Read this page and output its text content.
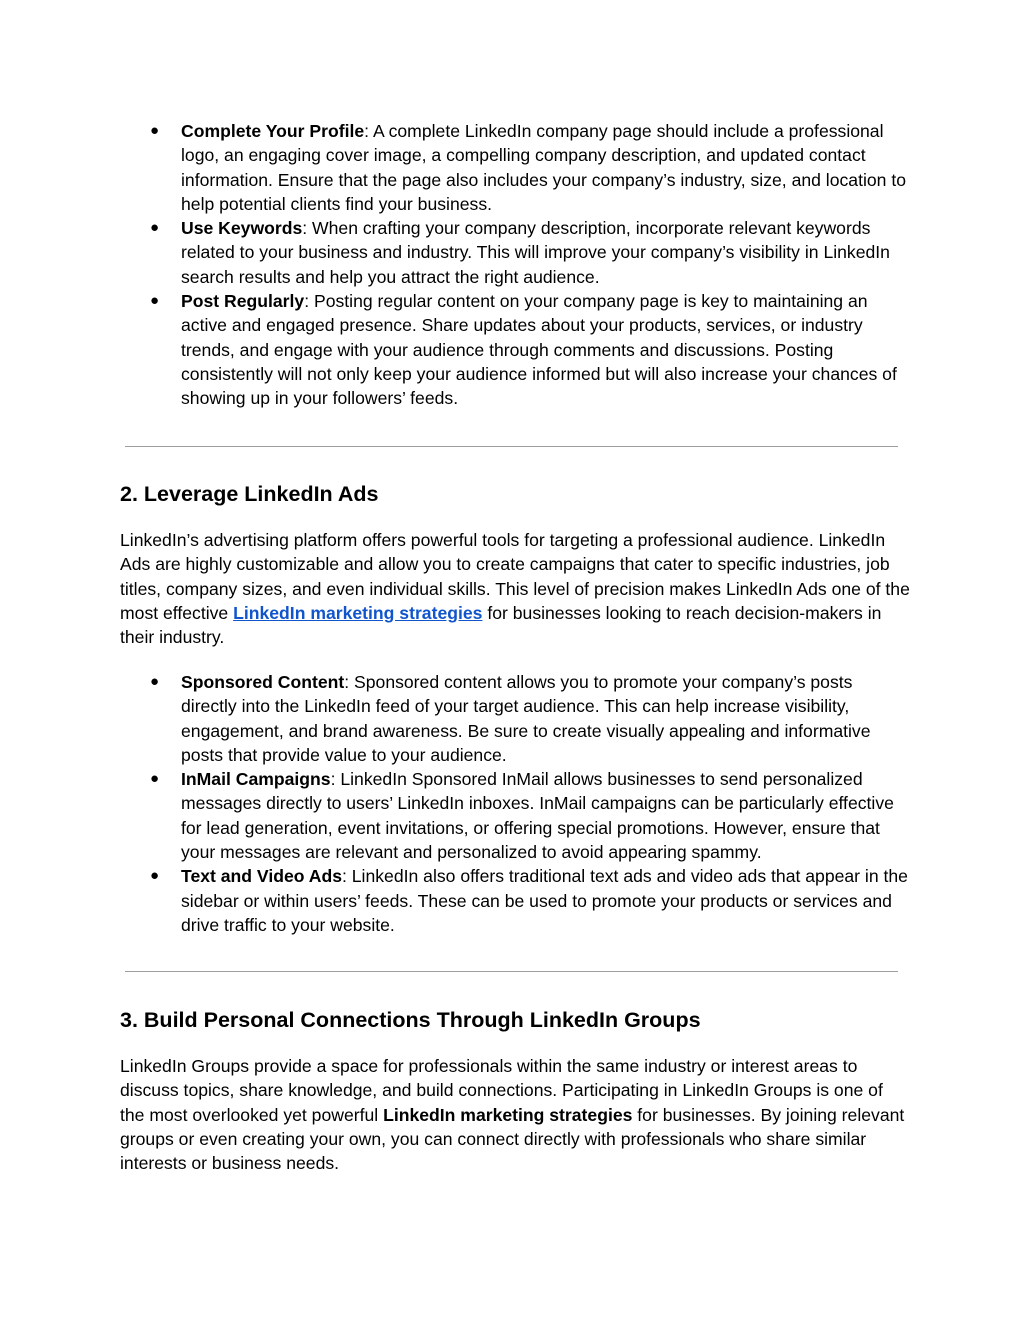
● Complete Your Profile: A complete LinkedIn company page should include a professional logo, an engaging cover image, a compelling company description, and updated contact information. Ensure that the page also includes your company’s industry, size, and location to help potential clients find your business.
● Use Keywords: When crafting your company description, incorporate relevant keywords related to your business and industry. This will improve your company’s visibility in LinkedIn search results and help you attract the right audience.
● Post Regularly: Posting regular content on your company page is key to maintaining an active and engaged presence. Share updates about your products, services, or industry trends, and engage with your audience through comments and discussions. Posting consistently will not only keep your audience informed but will also increase your chances of showing up in your followers’ feeds.
2. Leverage LinkedIn Ads

LinkedIn’s advertising platform offers powerful tools for targeting a professional audience. LinkedIn Ads are highly customizable and allow you to create campaigns that cater to specific industries, job titles, company sizes, and even individual skills. This level of precision makes LinkedIn Ads one of the most effective LinkedIn marketing strategies for businesses looking to reach decision-makers in their industry.

● Sponsored Content: Sponsored content allows you to promote your company’s posts directly into the LinkedIn feed of your target audience. This can help increase visibility, engagement, and brand awareness. Be sure to create visually appealing and informative posts that provide value to your audience.
● InMail Campaigns: LinkedIn Sponsored InMail allows businesses to send personalized messages directly to users’ LinkedIn inboxes. InMail campaigns can be particularly effective for lead generation, event invitations, or offering special promotions. However, ensure that your messages are relevant and personalized to avoid appearing spammy.
● Text and Video Ads: LinkedIn also offers traditional text ads and video ads that appear in the sidebar or within users’ feeds. These can be used to promote your products or services and drive traffic to your website.
3. Build Personal Connections Through LinkedIn Groups

LinkedIn Groups provide a space for professionals within the same industry or interest areas to discuss topics, share knowledge, and build connections. Participating in LinkedIn Groups is one of the most overlooked yet powerful LinkedIn marketing strategies for businesses. By joining relevant groups or even creating your own, you can connect directly with professionals who share similar interests or business needs.
